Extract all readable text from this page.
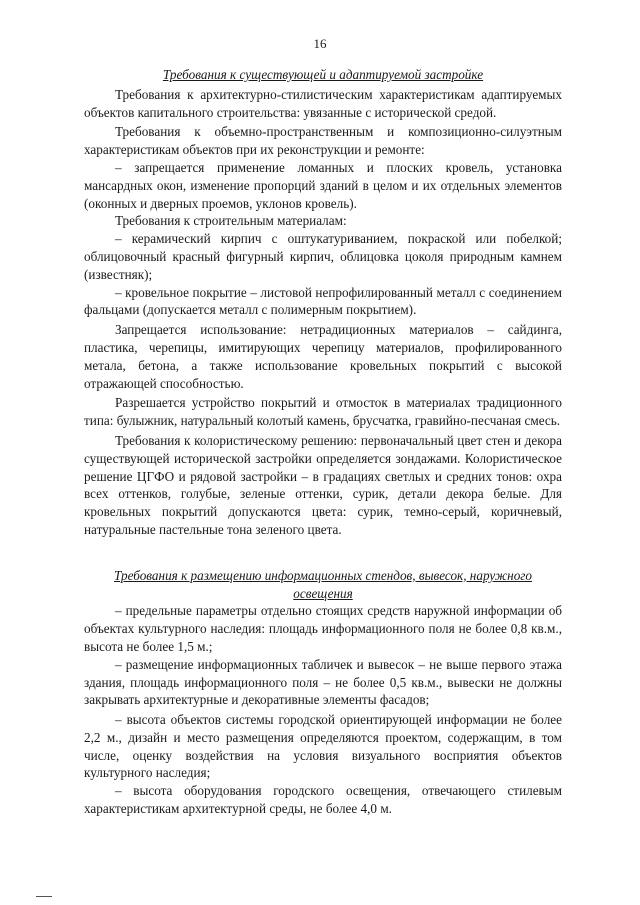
16
Требования к существующей и адаптируемой застройке

Требования к архитектурно-стилистическим характеристикам адаптируемых объектов капитального строительства: увязанные с исторической средой.

Требования к объемно-пространственным и композиционно-силуэтным характеристикам объектов при их реконструкции и ремонте:

– запрещается применение ломанных и плоских кровель, установка мансардных окон, изменение пропорций зданий в целом и их отдельных элементов (оконных и дверных проемов, уклонов кровель).

Требования к строительным материалам:

– керамический кирпич с оштукатуриванием, покраской или побелкой; облицовочный красный фигурный кирпич, облицовка цоколя природным камнем (известняк);

– кровельное покрытие – листовой непрофилированный металл с соединением фальцами (допускается металл с полимерным покрытием).

Запрещается использование: нетрадиционных материалов – сайдинга, пластика, черепицы, имитирующих черепицу материалов, профилированного метала, бетона, а также использование кровельных покрытий с высокой отражающей способностью.

Разрешается устройство покрытий и отмосток в материалах традиционного типа: булыжник, натуральный колотый камень, брусчатка, гравийно-песчаная смесь.

Требования к колористическому решению: первоначальный цвет стен и декора существующей исторической застройки определяется зондажами. Колористическое решение ЦГФО и рядовой застройки – в градациях светлых и средних тонов: охра всех оттенков, голубые, зеленые оттенки, сурик, детали декора белые. Для кровельных покрытий допускаются цвета: сурик, темно-серый, коричневый, натуральные пастельные тона зеленого цвета.

Требования к размещению информационных стендов, вывесок, наружного освещения

– предельные параметры отдельно стоящих средств наружной информации об объектах культурного наследия: площадь информационного поля не более 0,8 кв.м., высота не более 1,5 м.;

– размещение информационных табличек и вывесок – не выше первого этажа здания, площадь информационного поля – не более 0,5 кв.м., вывески не должны закрывать архитектурные и декоративные элементы фасадов;

– высота объектов системы городской ориентирующей информации не более 2,2 м., дизайн и место размещения определяются проектом, содержащим, в том числе, оценку воздействия на условия визуального восприятия объектов культурного наследия;

– высота оборудования городского освещения, отвечающего стилевым характеристикам архитектурной среды, не более 4,0 м.
